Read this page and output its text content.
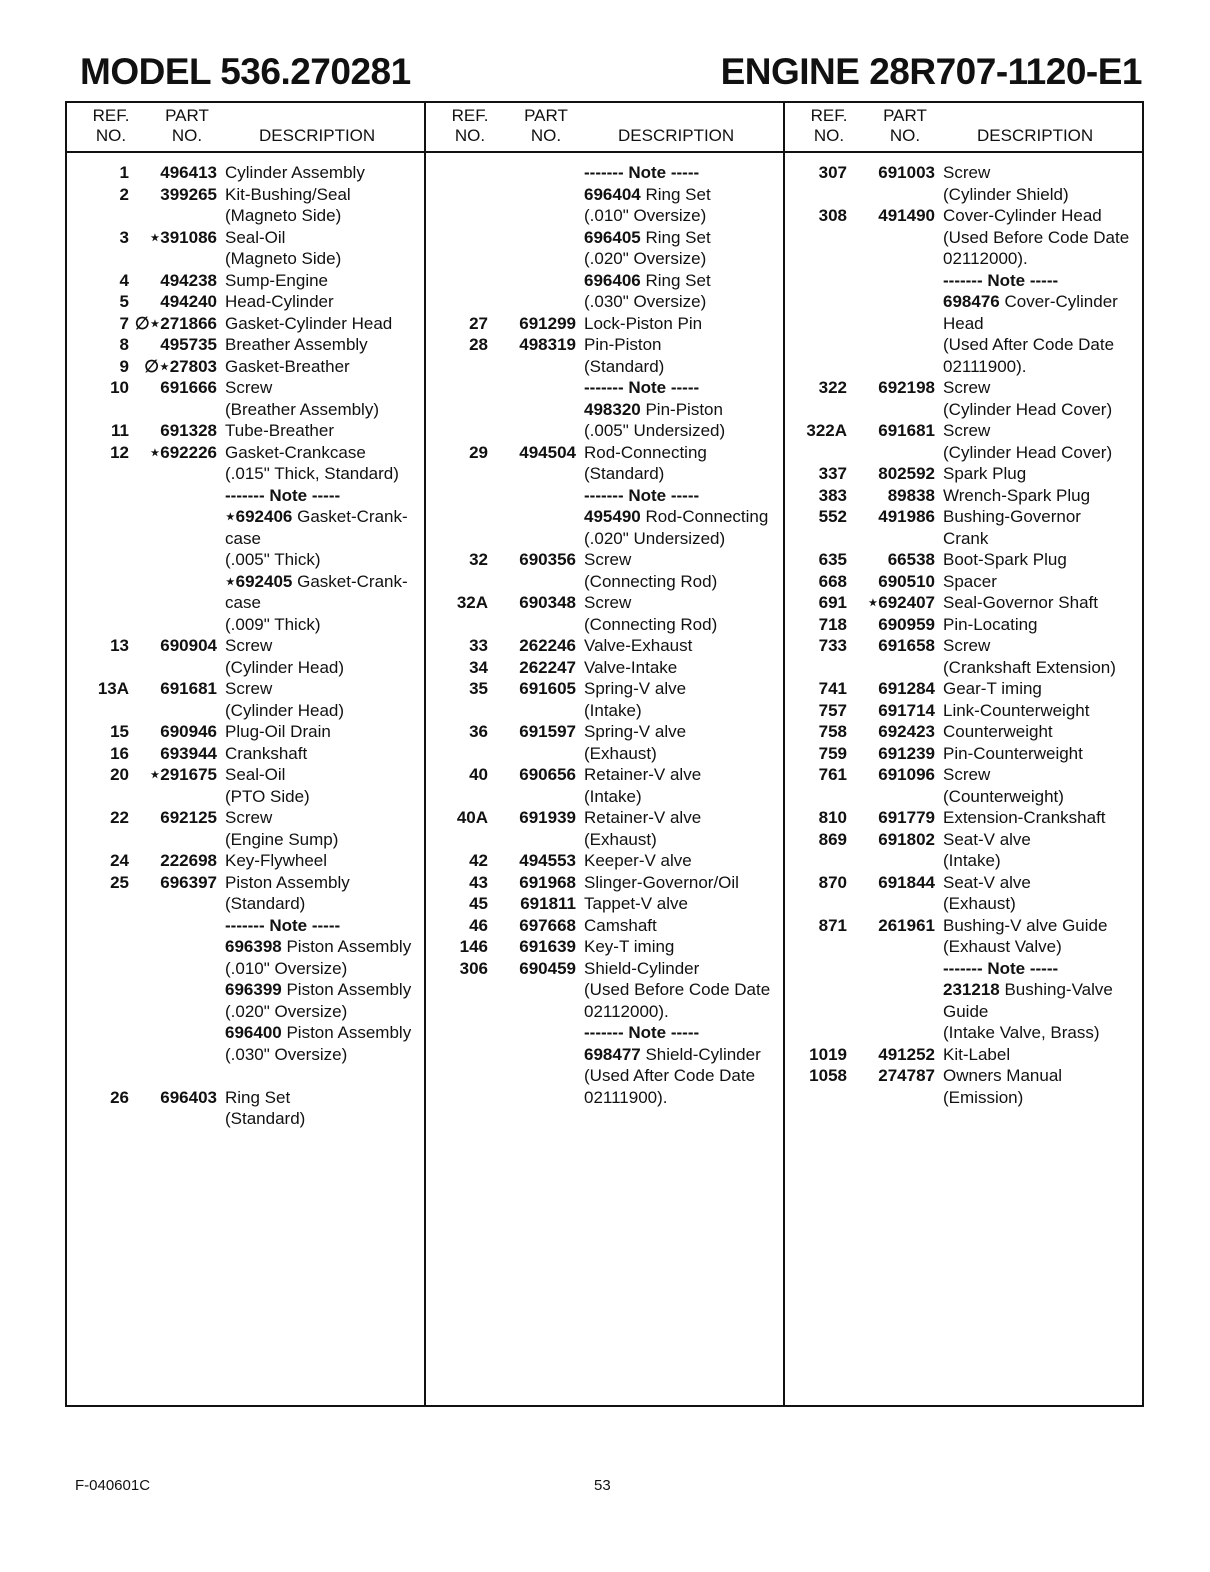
MODEL 536.270281	ENGINE 28R707-1120-E1
REF.
NO.
PART
NO.	DESCRIPTION
1 496413 Cylinder Assembly
2 399265 Kit-Bushing/Seal
(Magneto Side)
3 ⋆391086 Seal-Oil
(Magneto Side)
4 494238 Sump-Engine
5 494240 Head-Cylinder
7 ∅⋆271866 Gasket-Cylinder Head
8 495735 Breather Assembly
9 ∅⋆27803 Gasket-Breather
10 691666 Screw
(Breather Assembly)
11 691328 Tube-Breather
12 ⋆692226 Gasket-Crankcase
(.015" Thick, Standard)
------- Note -----
⋆692406 Gasket-Crank-
case
(.005" Thick)
⋆692405 Gasket-Crank-
case
(.009" Thick)
13 690904 Screw
(Cylinder Head)
13A 691681 Screw
(Cylinder Head)
15 690946 Plug-Oil Drain
16 693944 Crankshaft
20 ⋆291675 Seal-Oil
(PTO Side)
22 692125 Screw
(Engine Sump)
24 222698 Key-Flywheel
25 696397 Piston Assembly
(Standard)
------- Note -----
696398 Piston Assembly
(.010" Oversize)
696399 Piston Assembly
(.020" Oversize)
696400 Piston Assembly
(.030" Oversize)
26 696403 Ring Set
(Standard)
REF.
NO.
PART
NO.	DESCRIPTION
------- Note -----
696404 Ring Set
(.010" Oversize)
696405 Ring Set
(.020" Oversize)
696406 Ring Set
(.030" Oversize)
27 691299 Lock-Piston Pin
28 498319 Pin-Piston
(Standard)
------- Note -----
498320 Pin-Piston
(.005" Undersized)
29 494504 Rod-Connecting
(Standard)
------- Note -----
495490 Rod-Connecting
(.020" Undersized)
32 690356 Screw
(Connecting Rod)
32A 690348 Screw
(Connecting Rod)
33 262246 Valve-Exhaust
34 262247 Valve-Intake
35 691605 Spring-V alve
(Intake)
36 691597 Spring-V alve
(Exhaust)
40 690656 Retainer-V alve
(Intake)
40A 691939 Retainer-V alve
(Exhaust)
42 494553 Keeper-V alve
43 691968 Slinger-Governor/Oil
45 691811 Tappet-V alve
46 697668 Camshaft
146 691639 Key-T iming
306 690459 Shield-Cylinder
(Used Before Code Date
02112000).
------- Note -----
698477 Shield-Cylinder
(Used After Code Date
02111900).
REF.
NO.
PART
NO.	DESCRIPTION
307 691003 Screw
(Cylinder Shield)
308 491490 Cover-Cylinder Head
(Used Before Code Date
02112000).
------- Note -----
698476 Cover-Cylinder
Head
(Used After Code Date
02111900).
322 692198 Screw
(Cylinder Head Cover)
322A 691681 Screw
(Cylinder Head Cover)
337 802592 Spark Plug
383 89838 Wrench-Spark Plug
552 491986 Bushing-Governor
Crank
635 66538 Boot-Spark Plug
668 690510 Spacer
691 ⋆692407 Seal-Governor Shaft
718 690959 Pin-Locating
733 691658 Screw
(Crankshaft Extension)
741 691284 Gear-T iming
757 691714 Link-Counterweight
758 692423 Counterweight
759 691239 Pin-Counterweight
761 691096 Screw
(Counterweight)
810 691779 Extension-Crankshaft
869 691802 Seat-V alve
(Intake)
870 691844 Seat-V alve
(Exhaust)
871 261961 Bushing-V alve Guide
(Exhaust Valve)
------- Note -----
231218 Bushing-Valve
Guide
(Intake Valve, Brass)
1019 491252 Kit-Label
1058 274787 Owners Manual
(Emission)
F-040601C	53
